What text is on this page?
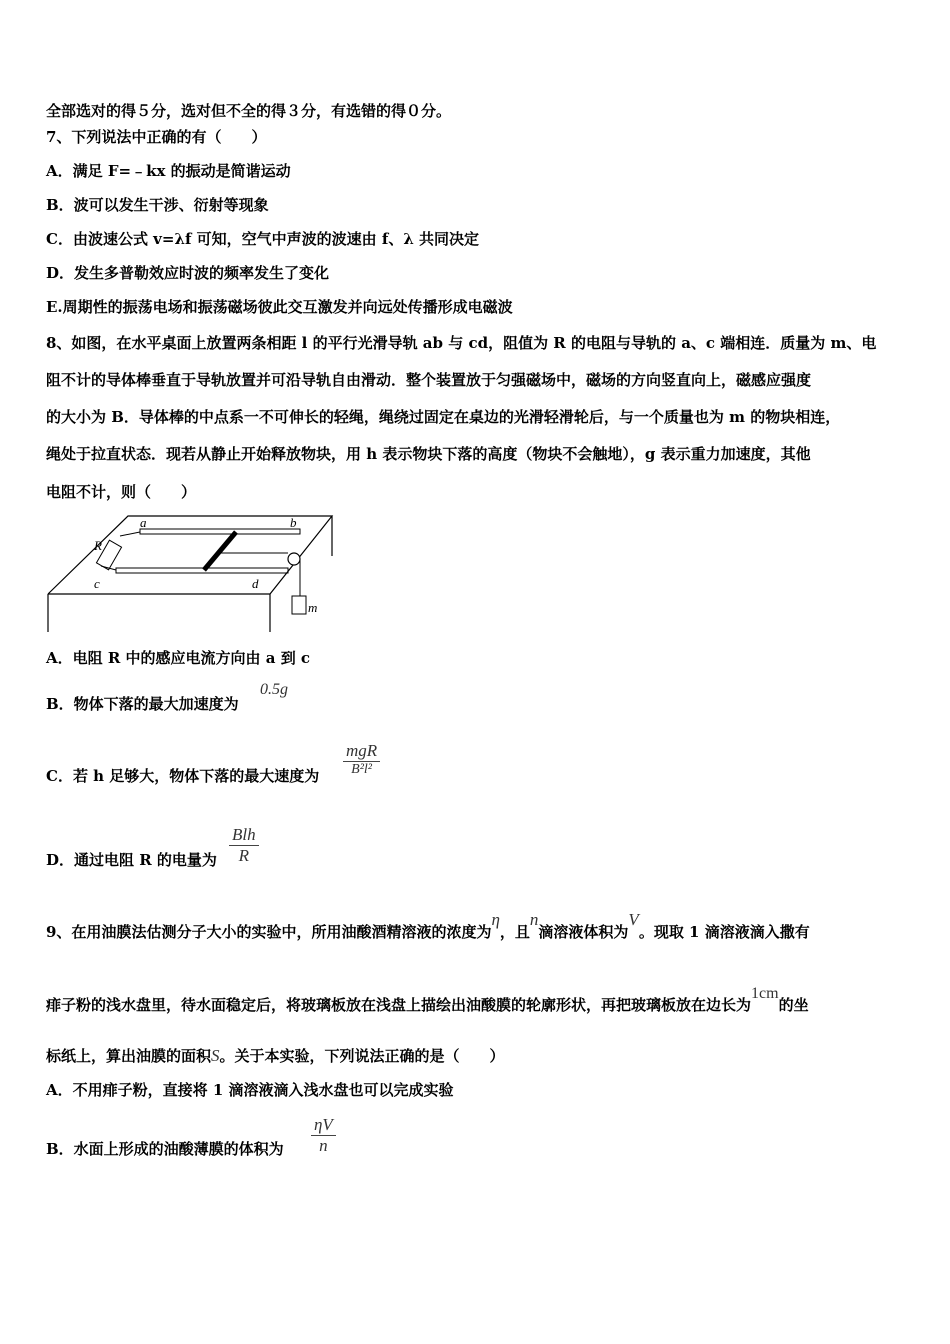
全部选对的得５分，选对但不全的得３分，有选错的得０分。
7、下列说法中正确的有（　　）
A．满足 F=﹣kx 的振动是简谐运动
B．波可以发生干涉、衍射等现象
C．由波速公式 v=λf 可知，空气中声波的波速由 f、λ 共同决定
D．发生多普勒效应时波的频率发生了变化
E.周期性的振荡电场和振荡磁场彼此交互激发并向远处传播形成电磁波
8、如图，在水平桌面上放置两条相距 l 的平行光滑导轨 ab 与 cd，阻值为 R 的电阻与导轨的 a、c 端相连．质量为 m、电
阻不计的导体棒垂直于导轨放置并可沿导轨自由滑动．整个装置放于匀强磁场中，磁场的方向竖直向上，磁感应强度
的大小为 B．导体棒的中点系一不可伸长的轻绳，绳绕过固定在桌边的光滑轻滑轮后，与一个质量也为 m 的物块相连，
绳处于拉直状态．现若从静止开始释放物块，用 h 表示物块下落的高度（物块不会触地），g 表示重力加速度，其他
电阻不计，则（　　）
a	b
R
c	d
m
A．电阻 R 中的感应电流方向由 a 到 c
B．物体下落的最大加速度为
0.5g
C．若 h 足够大，物体下落的最大速度为
mgR
B²l²
D．通过电阻 R 的电量为
Blh
R
9、在用油膜法估测分子大小的实验中，所用油酸酒精溶液的浓度为η，且n滴溶液体积为V。现取 1 滴溶液滴入撒有
痱子粉的浅水盘里，待水面稳定后，将玻璃板放在浅盘上描绘出油酸膜的轮廓形状，再把玻璃板放在边长为1cm的坐
标纸上，算出油膜的面积S。关于本实验，下列说法正确的是（　　）
A．不用痱子粉，直接将 1 滴溶液滴入浅水盘也可以完成实验
B．水面上形成的油酸薄膜的体积为
ηV
n
